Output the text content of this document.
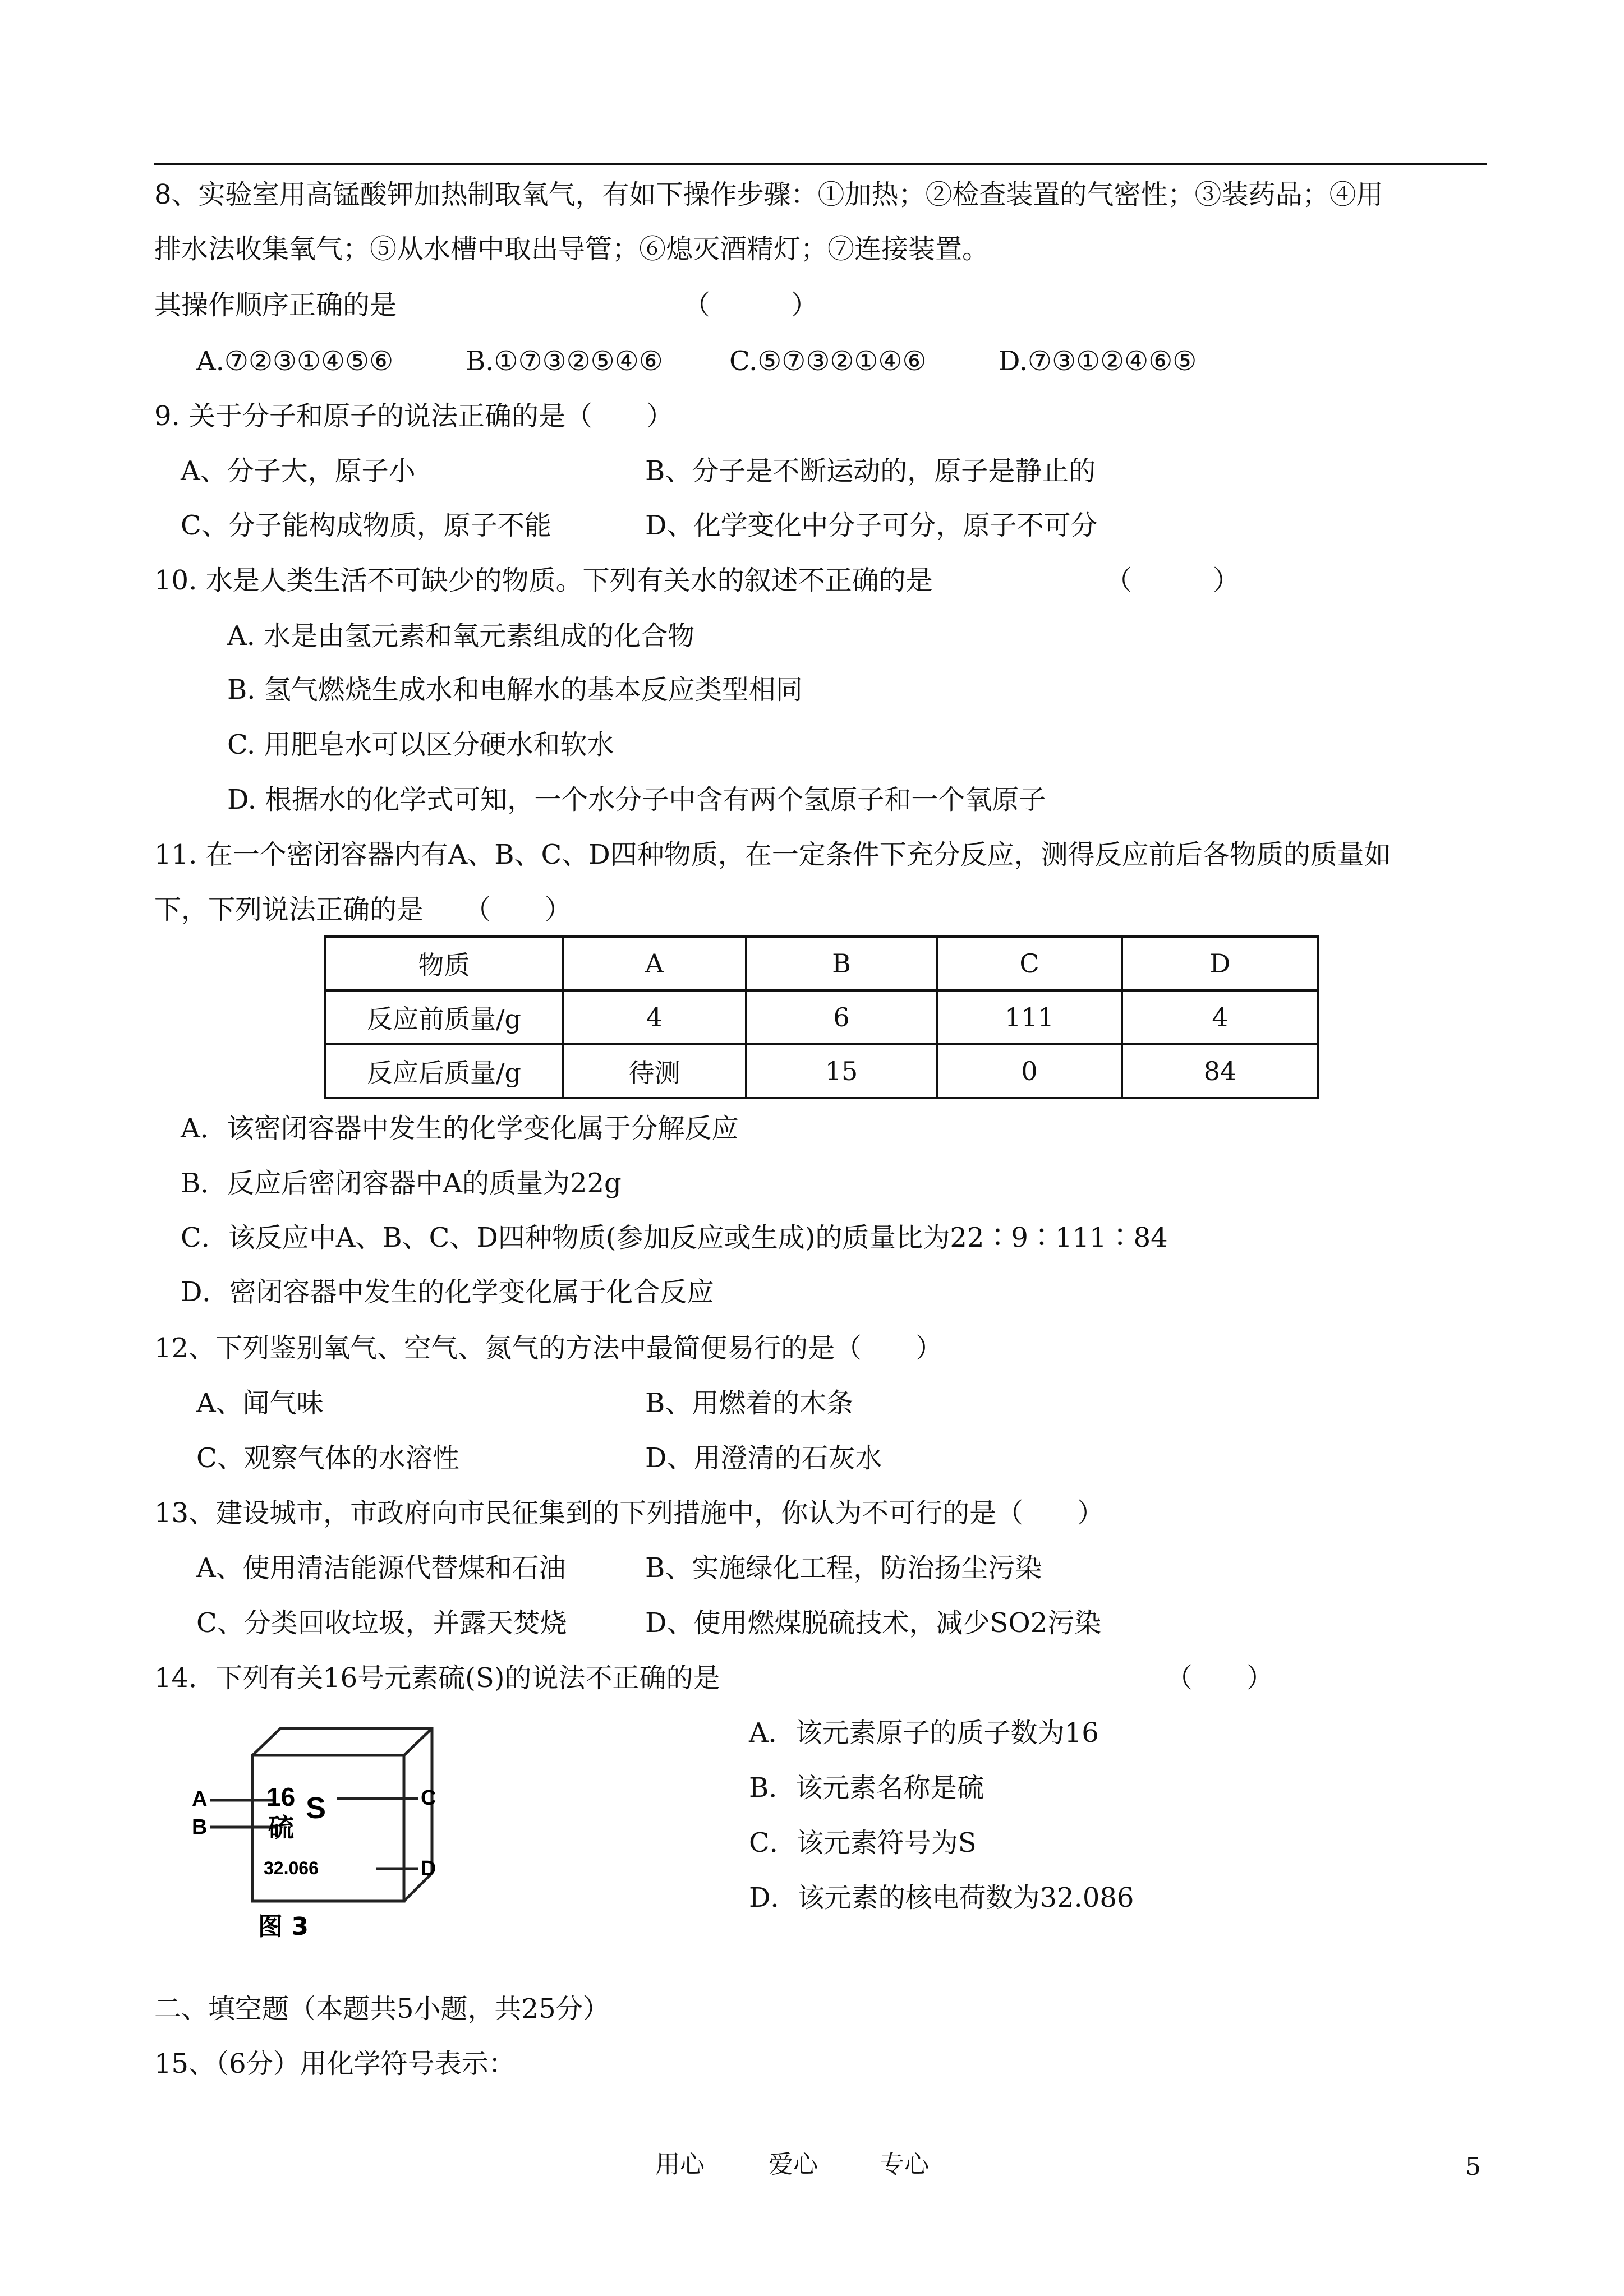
8、实验室用高锰酸钾加热制取氧气，有如下操作步骤：①加热；②检查装置的气密性；③装药品；④用
排水法收集氧气；⑤从水槽中取出导管；⑥熄灭酒精灯；⑦连接装置。
其操作顺序正确的是	（　　　）
A.⑦②③①④⑤⑥	B.①⑦③②⑤④⑥ C.⑤⑦③②①④⑥	D.⑦③①②④⑥⑤
9. 关于分子和原子的说法正确的是（　　）
A、分子大，原子小	B、分子是不断运动的，原子是静止的
C、分子能构成物质，原子不能	D、化学变化中分子可分，原子不可分
10. 水是人类生活不可缺少的物质。下列有关水的叙述不正确的是	（　　　）
A. 水是由氢元素和氧元素组成的化合物
B. 氢气燃烧生成水和电解水的基本反应类型相同
C. 用肥皂水可以区分硬水和软水
D. 根据水的化学式可知，一个水分子中含有两个氢原子和一个氧原子
11. 在一个密闭容器内有A、B、C、D四种物质，在一定条件下充分反应，测得反应前后各物质的质量如
下，下列说法正确的是　　（　　）
物质	A	B	C	D
反应前质量/g	4	6	111	4
反应后质量/g	待测	15	0	84
A．该密闭容器中发生的化学变化属于分解反应
B．反应后密闭容器中A的质量为22g
C．该反应中A、B、C、D四种物质(参加反应或生成)的质量比为22∶9∶111∶84
D．密闭容器中发生的化学变化属于化合反应
12、下列鉴别氧气、空气、氮气的方法中最简便易行的是（　　）
A、闻气味	B、用燃着的木条
C、观察气体的水溶性	D、用澄清的石灰水
13、建设城市，市政府向市民征集到的下列措施中，你认为不可行的是（　　）
A、使用清洁能源代替煤和石油	B、实施绿化工程，防治扬尘污染
C、分类回收垃圾，并露天焚烧	D、使用燃煤脱硫技术，减少SO2污染
14．下列有关16号元素硫(S)的说法不正确的是	（　　）
A
B
C
D
16
硫
S
32.066
图 3
A．该元素原子的质子数为16
B．该元素名称是硫
C．该元素符号为S
D．该元素的核电荷数为32.086
二、填空题（本题共5小题，共25分）
15、（6分）用化学符号表示：
用心	爱心	专心	5
